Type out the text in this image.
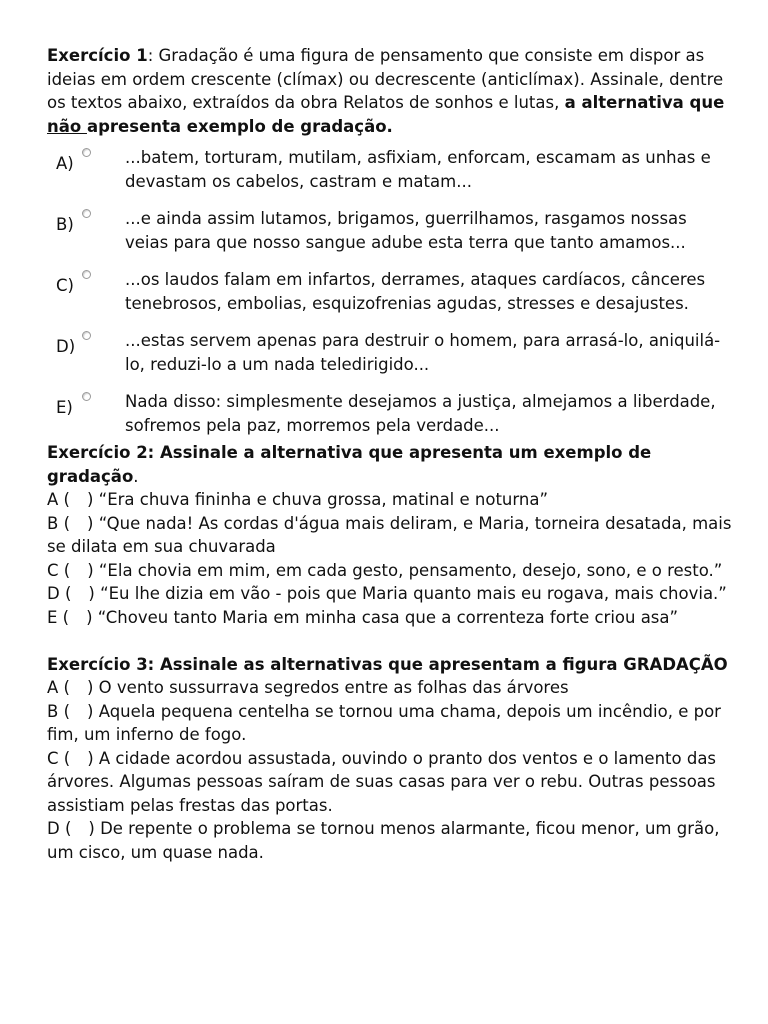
Exercício 1: Gradação é uma figura de pensamento que consiste em dispor as ideias em ordem crescente (clímax) ou decrescente (anticlímax). Assinale, dentre os textos abaixo, extraídos da obra Relatos de sonhos e lutas, a alternativa que não apresenta exemplo de gradação.

A)	...batem, torturam, mutilam, asfixiam, enforcam, escamam as unhas e devastam os cabelos, castram e matam...
B)	...e ainda assim lutamos, brigamos, guerrilhamos, rasgamos nossas veias para que nosso sangue adube esta terra que tanto amamos...
C)	...os laudos falam em infartos, derrames, ataques cardíacos, cânceres tenebrosos, embolias, esquizofrenias agudas, stresses e desajustes.
D)	...estas servem apenas para destruir o homem, para arrasá-lo, aniquilá-lo, reduzi-lo a um nada teledirigido...
E)	Nada disso: simplesmente desejamos a justiça, almejamos a liberdade, sofremos pela paz, morremos pela verdade...

Exercício 2: Assinale a alternativa que apresenta um exemplo de gradação.

A ( ) “Era chuva fininha e chuva grossa, matinal e noturna”

B ( ) “Que nada! As cordas d'água mais deliram, e Maria, torneira desatada, mais se dilata em sua chuvarada

C ( ) “Ela chovia em mim, em cada gesto, pensamento, desejo, sono, e o resto.”

D ( ) “Eu lhe dizia em vão - pois que Maria quanto mais eu rogava, mais chovia.”

E ( ) “Choveu tanto Maria em minha casa que a correnteza forte criou asa”

Exercício 3: Assinale as alternativas que apresentam a figura GRADAÇÃO

A ( ) O vento sussurrava segredos entre as folhas das árvores

B ( ) Aquela pequena centelha se tornou uma chama, depois um incêndio, e por fim, um inferno de fogo.

C ( ) A cidade acordou assustada, ouvindo o pranto dos ventos e o lamento das árvores. Algumas pessoas saíram de suas casas para ver o rebu. Outras pessoas assistiam pelas frestas das portas.

D ( ) De repente o problema se tornou menos alarmante, ficou menor, um grão, um cisco, um quase nada.
